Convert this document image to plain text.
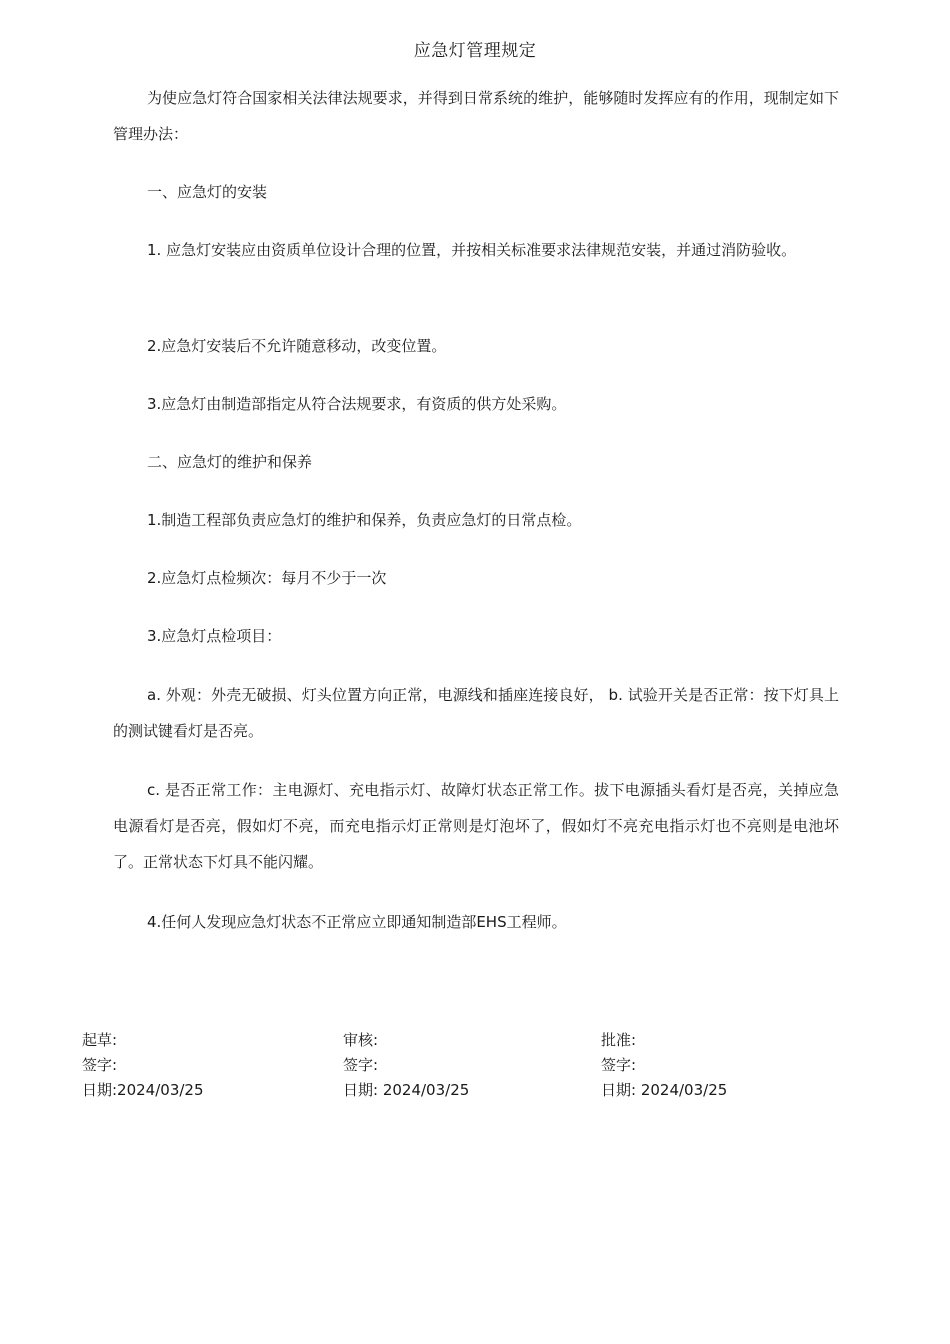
应急灯管理规定

为使应急灯符合国家相关法律法规要求，并得到日常系统的维护，能够随时发挥应有的作用，现制定如下管理办法：

一、应急灯的安装

1. 应急灯安装应由资质单位设计合理的位置，并按相关标准要求法律规范安装，并通过消防验收。

2.应急灯安装后不允许随意移动，改变位置。

3.应急灯由制造部指定从符合法规要求，有资质的供方处采购。

二、应急灯的维护和保养

1.制造工程部负责应急灯的维护和保养，负责应急灯的日常点检。

2.应急灯点检频次：每月不少于一次

3.应急灯点检项目：

a. 外观：外壳无破损、灯头位置方向正常，电源线和插座连接良好， b. 试验开关是否正常：按下灯具上的测试键看灯是否亮。

c. 是否正常工作：主电源灯、充电指示灯、故障灯状态正常工作。拔下电源插头看灯是否亮，关掉应急电源看灯是否亮，假如灯不亮，而充电指示灯正常则是灯泡坏了，假如灯不亮充电指示灯也不亮则是电池坏了。正常状态下灯具不能闪耀。

4.任何人发现应急灯状态不正常应立即通知制造部EHS工程师。

起草:
签字:
日期:2024/03/25
审核:
签字:
日期: 2024/03/25
批准:
签字:
日期: 2024/03/25
